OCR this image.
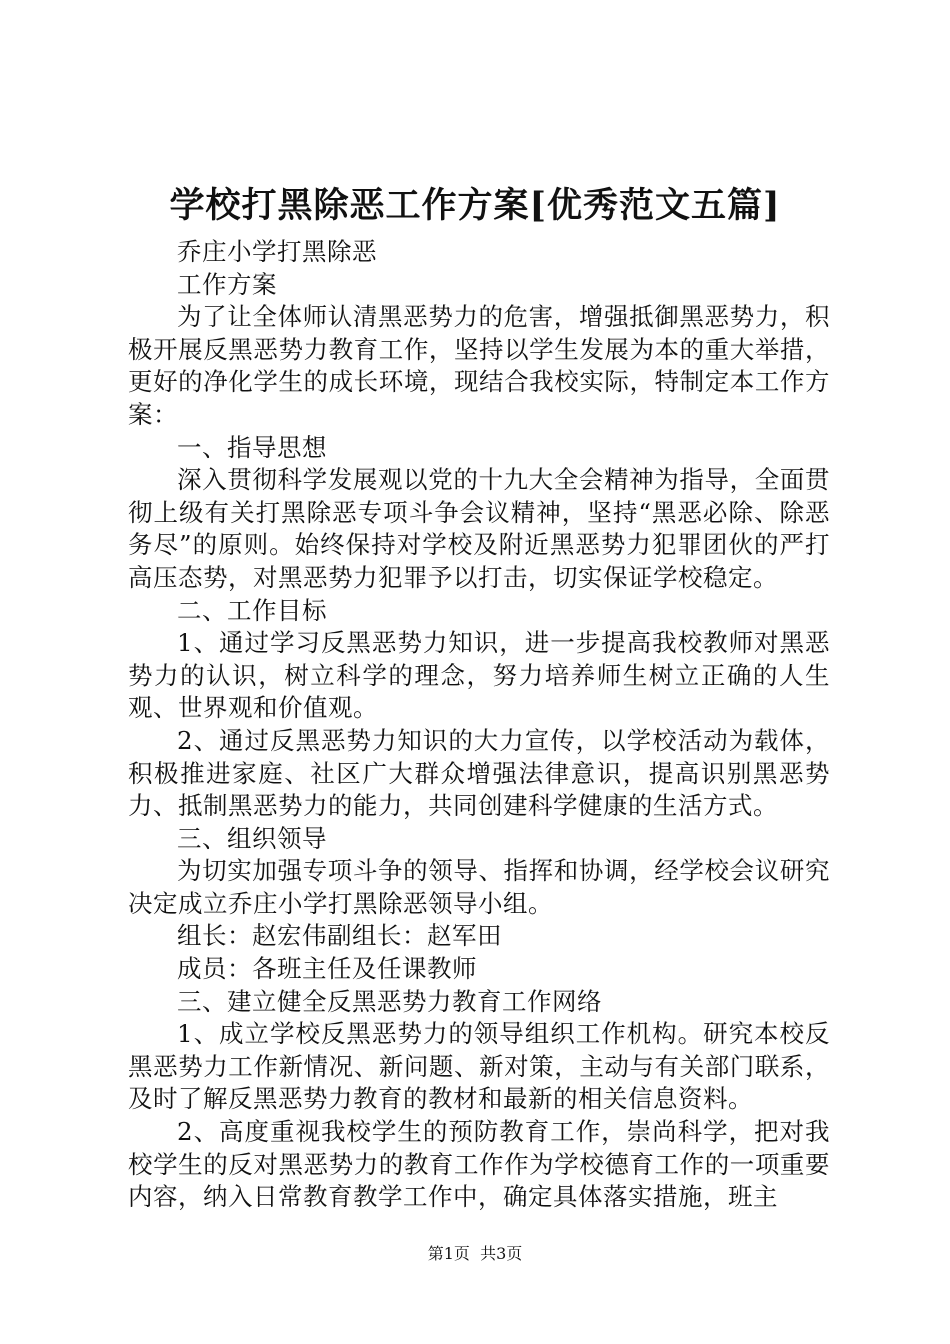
学校打黑除恶工作方案[优秀范文五篇]

乔庄小学打黑除恶

工作方案

为了让全体师认清黑恶势力的危害，增强抵御黑恶势力，积极开展反黑恶势力教育工作，坚持以学生发展为本的重大举措，更好的净化学生的成长环境，现结合我校实际，特制定本工作方案：

一、指导思想

深入贯彻科学发展观以党的十九大全会精神为指导，全面贯彻上级有关打黑除恶专项斗争会议精神，坚持“黑恶必除、除恶务尽”的原则。始终保持对学校及附近黑恶势力犯罪团伙的严打高压态势，对黑恶势力犯罪予以打击，切实保证学校稳定。

二、工作目标

1、通过学习反黑恶势力知识，进一步提高我校教师对黑恶势力的认识，树立科学的理念，努力培养师生树立正确的人生观、世界观和价值观。

2、通过反黑恶势力知识的大力宣传，以学校活动为载体，积极推进家庭、社区广大群众增强法律意识，提高识别黑恶势力、抵制黑恶势力的能力，共同创建科学健康的生活方式。

三、组织领导

为切实加强专项斗争的领导、指挥和协调，经学校会议研究决定成立乔庄小学打黑除恶领导小组。

组长：赵宏伟副组长：赵军田

成员：各班主任及任课教师

三、建立健全反黑恶势力教育工作网络

1、成立学校反黑恶势力的领导组织工作机构。研究本校反黑恶势力工作新情况、新问题、新对策，主动与有关部门联系，及时了解反黑恶势力教育的教材和最新的相关信息资料。

2、高度重视我校学生的预防教育工作，崇尚科学，把对我校学生的反对黑恶势力的教育工作作为学校德育工作的一项重要内容，纳入日常教育教学工作中，确定具体落实措施，班主

第1页  共3页
